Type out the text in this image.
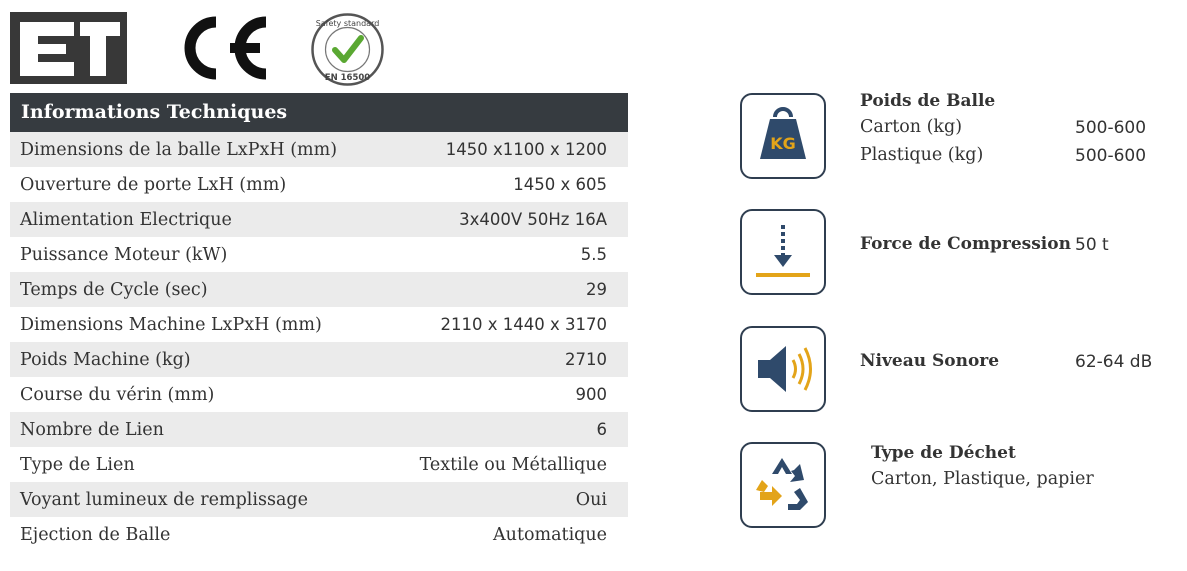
Safety standard
EN 16500
Informations Techniques
Dimensions de la balle LxPxH (mm)	1450 x1100 x 1200
Ouverture de porte LxH (mm)	1450 x 605
Alimentation Electrique	3x400V 50Hz 16A
Puissance Moteur (kW)	5.5
Temps de Cycle (sec)	29
Dimensions Machine LxPxH (mm)	2110 x 1440 x 3170
Poids Machine (kg)	2710
Course du vérin (mm)	900
Nombre de Lien	6
Type de Lien	Textile ou Métallique
Voyant lumineux de remplissage	Oui
Ejection de Balle	Automatique
KG
Poids de Balle
Carton (kg)	500-600
Plastique (kg)	500-600
Force de Compression 50 t
Niveau Sonore	62-64 dB
Type de Déchet
Carton, Plastique, papier
